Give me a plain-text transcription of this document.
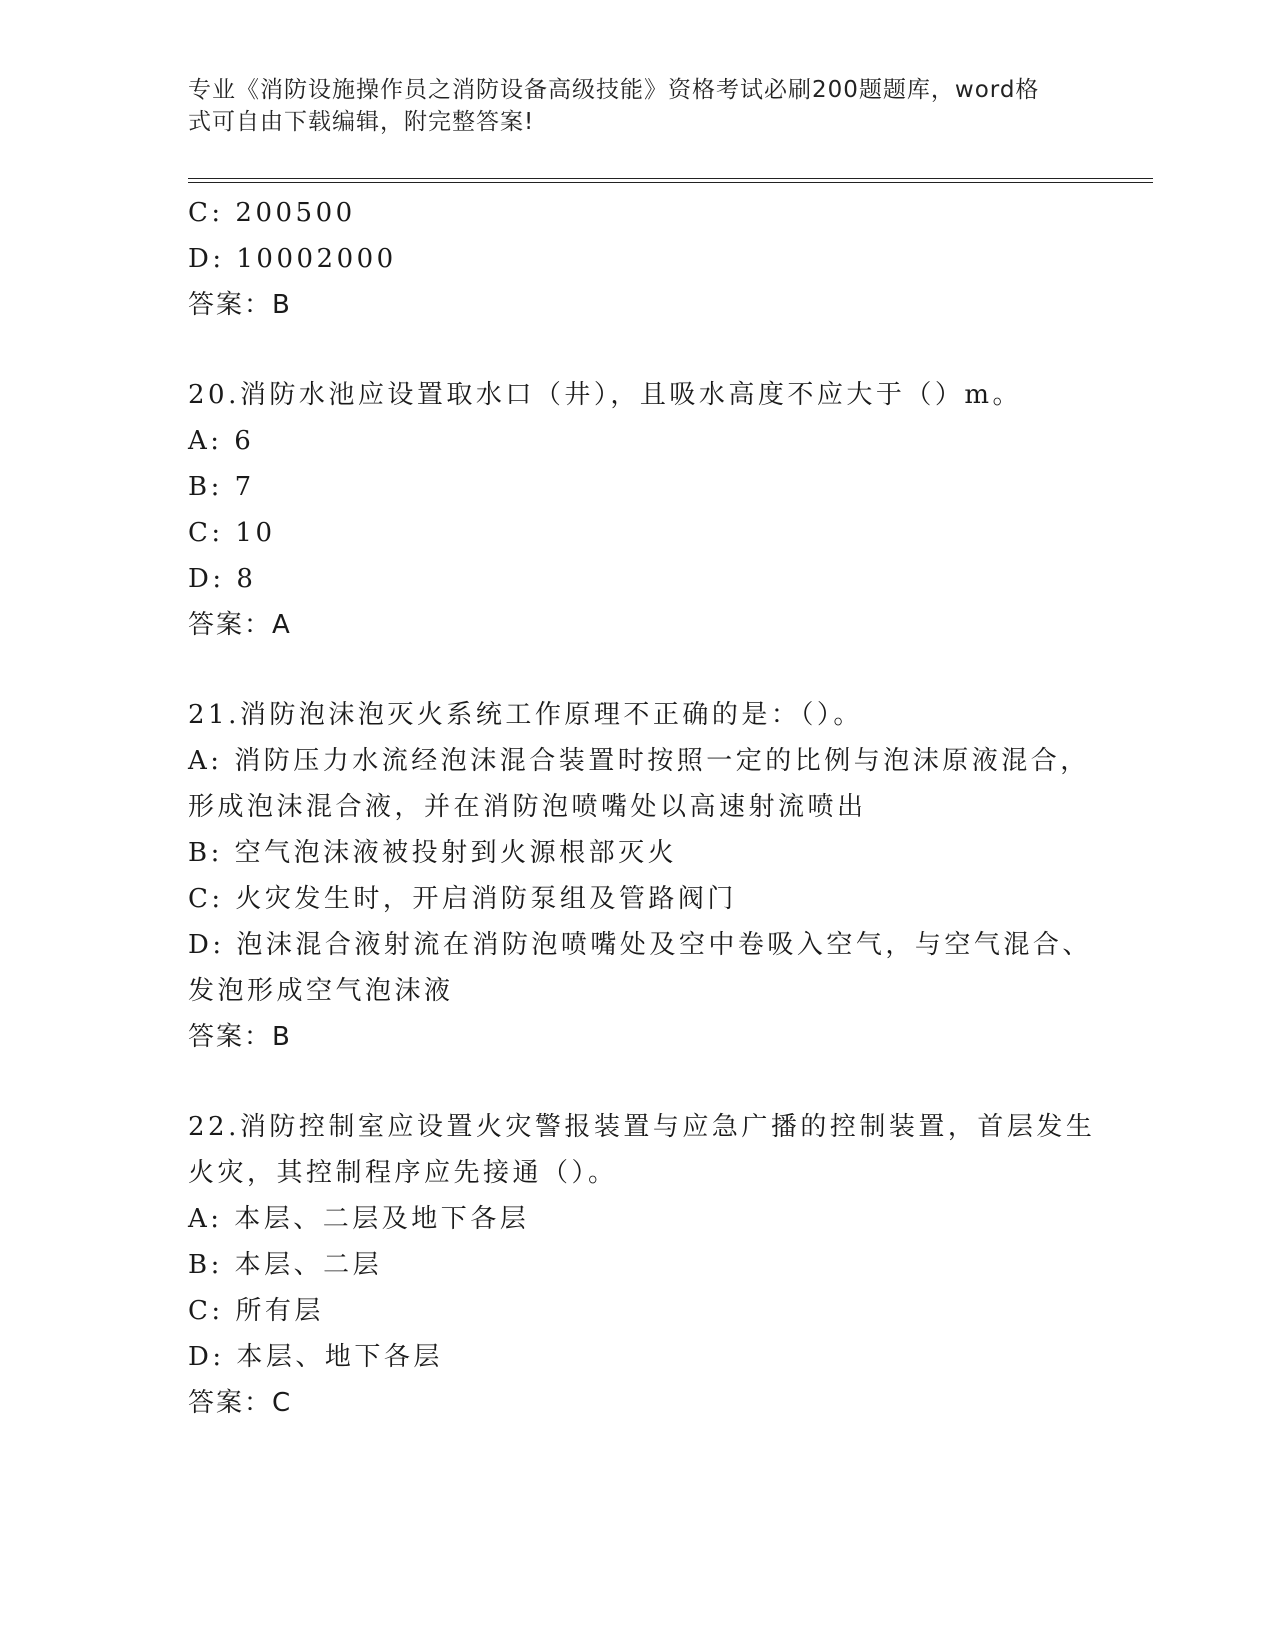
专业《消防设施操作员之消防设备高级技能》资格考试必刷200题题库，word格
式可自由下载编辑，附完整答案!
C: 200500
D: 10002000
答案：B
20.消防水池应设置取水口（井），且吸水高度不应大于（）m。
A: 6
B: 7
C: 10
D: 8
答案：A
21.消防泡沫泡灭火系统工作原理不正确的是：（）。
A: 消防压力水流经泡沫混合装置时按照一定的比例与泡沫原液混合，
形成泡沫混合液，并在消防泡喷嘴处以高速射流喷出
B: 空气泡沫液被投射到火源根部灭火
C: 火灾发生时，开启消防泵组及管路阀门
D: 泡沫混合液射流在消防泡喷嘴处及空中卷吸入空气，与空气混合、
发泡形成空气泡沫液
答案：B
22.消防控制室应设置火灾警报装置与应急广播的控制装置，首层发生
火灾，其控制程序应先接通（）。
A: 本层、二层及地下各层
B: 本层、二层
C: 所有层
D: 本层、地下各层
答案：C
